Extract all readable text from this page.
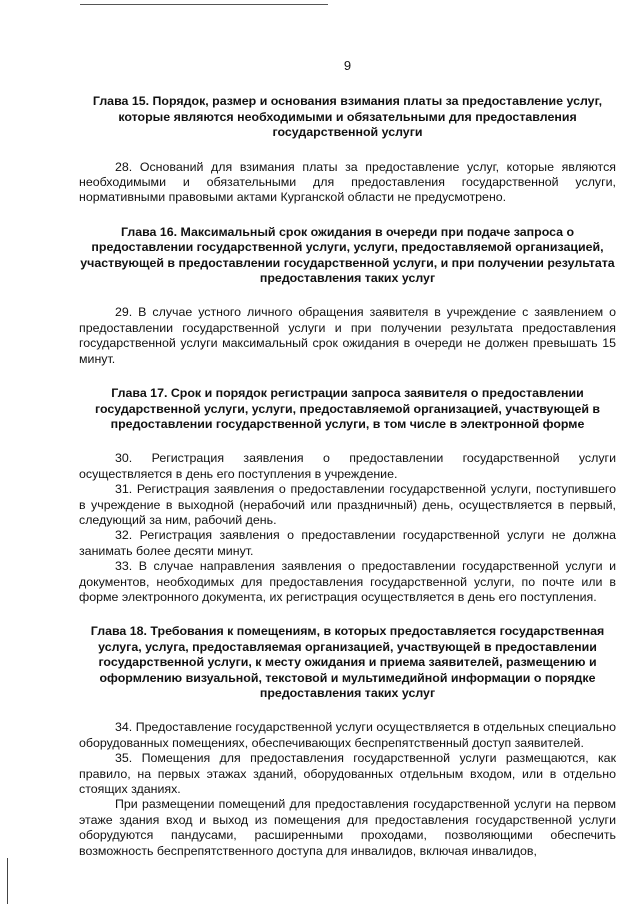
9
Глава 15. Порядок, размер и основания взимания платы за предоставление услуг, которые являются необходимыми и обязательными для предоставления государственной услуги

28. Оснований для взимания платы за предоставление услуг, которые являются необходимыми и обязательными для предоставления государственной услуги, нормативными правовыми актами Курганской области не предусмотрено.

Глава 16. Максимальный срок ожидания в очереди при подаче запроса о предоставлении государственной услуги, услуги, предоставляемой организацией, участвующей в предоставлении государственной услуги, и при получении результата предоставления таких услуг

29. В случае устного личного обращения заявителя в учреждение с заявлением о предоставлении государственной услуги и при получении результата предоставления государственной услуги максимальный срок ожидания в очереди не должен превышать 15 минут.

Глава 17. Срок и порядок регистрации запроса заявителя о предоставлении государственной услуги, услуги, предоставляемой организацией, участвующей в предоставлении государственной услуги, в том числе в электронной форме

30. Регистрация заявления о предоставлении государственной услуги осуществляется в день его поступления в учреждение.

31. Регистрация заявления о предоставлении государственной услуги, поступившего в учреждение в выходной (нерабочий или праздничный) день, осуществляется в первый, следующий за ним, рабочий день.

32. Регистрация заявления о предоставлении государственной услуги не должна занимать более десяти минут.

33. В случае направления заявления о предоставлении государственной услуги и документов, необходимых для предоставления государственной услуги, по почте или в форме электронного документа, их регистрация осуществляется в день его поступления.

Глава 18. Требования к помещениям, в которых предоставляется государственная услуга, услуга, предоставляемая организацией, участвующей в предоставлении государственной услуги, к месту ожидания и приема заявителей, размещению и оформлению визуальной, текстовой и мультимедийной информации о порядке предоставления таких услуг

34. Предоставление государственной услуги осуществляется в отдельных специально оборудованных помещениях, обеспечивающих беспрепятственный доступ заявителей.

35. Помещения для предоставления государственной услуги размещаются, как правило, на первых этажах зданий, оборудованных отдельным входом, или в отдельно стоящих зданиях.

При размещении помещений для предоставления государственной услуги на первом этаже здания вход и выход из помещения для предоставления государственной услуги оборудуются пандусами, расширенными проходами, позволяющими обеспечить возможность беспрепятственного доступа для инвалидов, включая инвалидов,
